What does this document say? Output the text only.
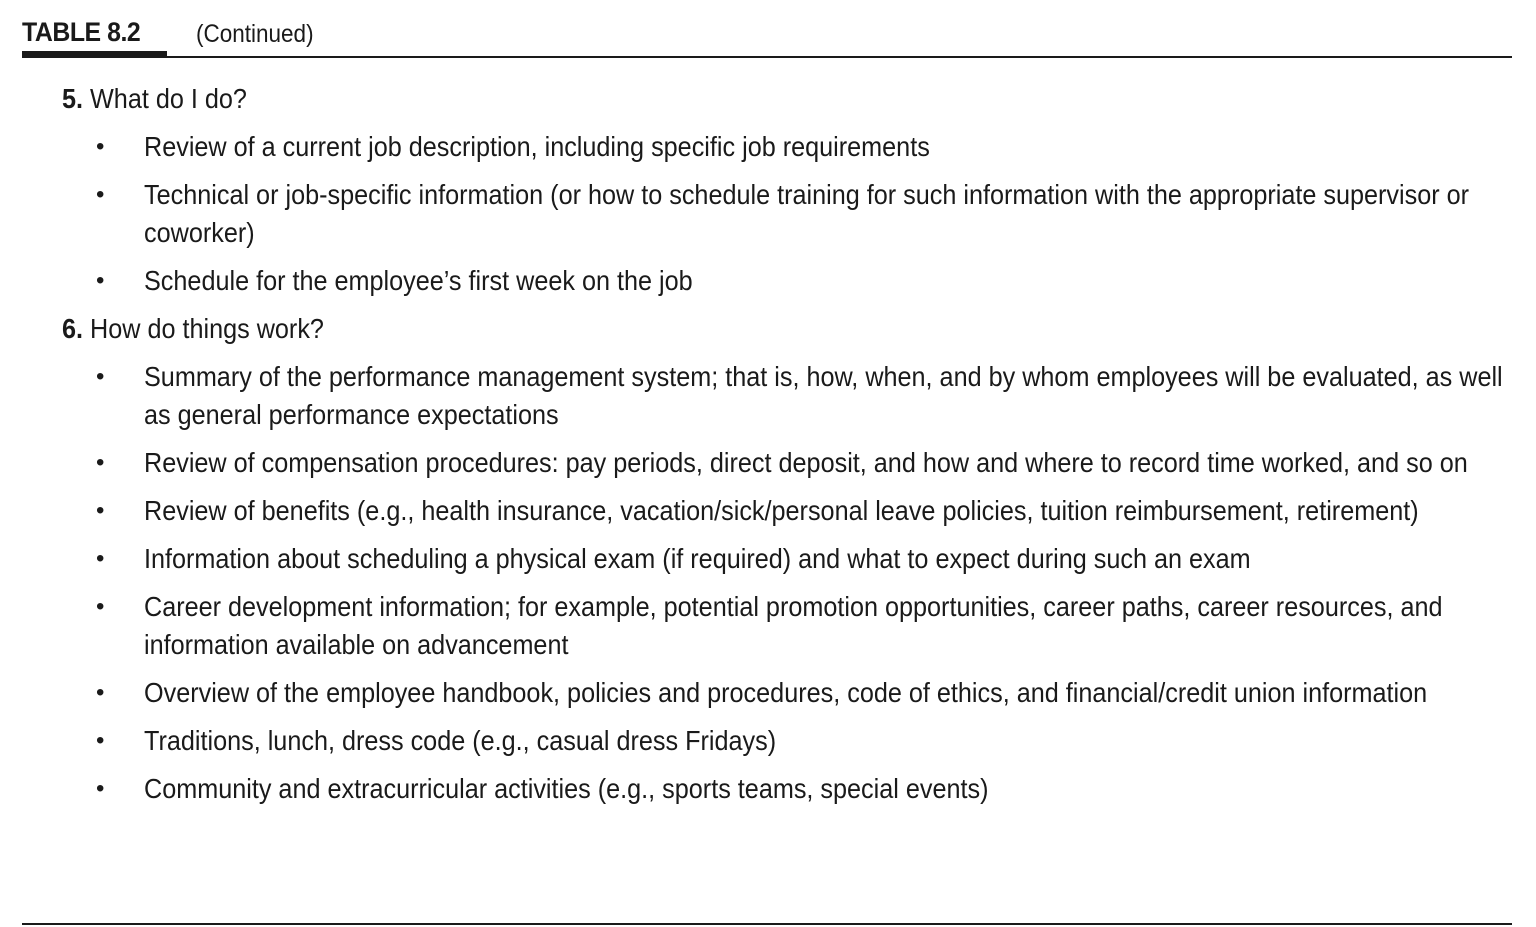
TABLE 8.2 (Continued)
5. What do I do?
• Review of a current job description, including specific job requirements
• Technical or job-specific information (or how to schedule training for such information with the appropriate supervisor or coworker)
• Schedule for the employee’s first week on the job
6. How do things work?
• Summary of the performance management system; that is, how, when, and by whom employees will be evaluated, as well as general performance expectations
• Review of compensation procedures: pay periods, direct deposit, and how and where to record time worked, and so on
• Review of benefits (e.g., health insurance, vacation/sick/personal leave policies, tuition reimbursement, retirement)
• Information about scheduling a physical exam (if required) and what to expect during such an exam
• Career development information; for example, potential promotion opportunities, career paths, career resources, and information available on advancement
• Overview of the employee handbook, policies and procedures, code of ethics, and financial/credit union information
• Traditions, lunch, dress code (e.g., casual dress Fridays)
• Community and extracurricular activities (e.g., sports teams, special events)
